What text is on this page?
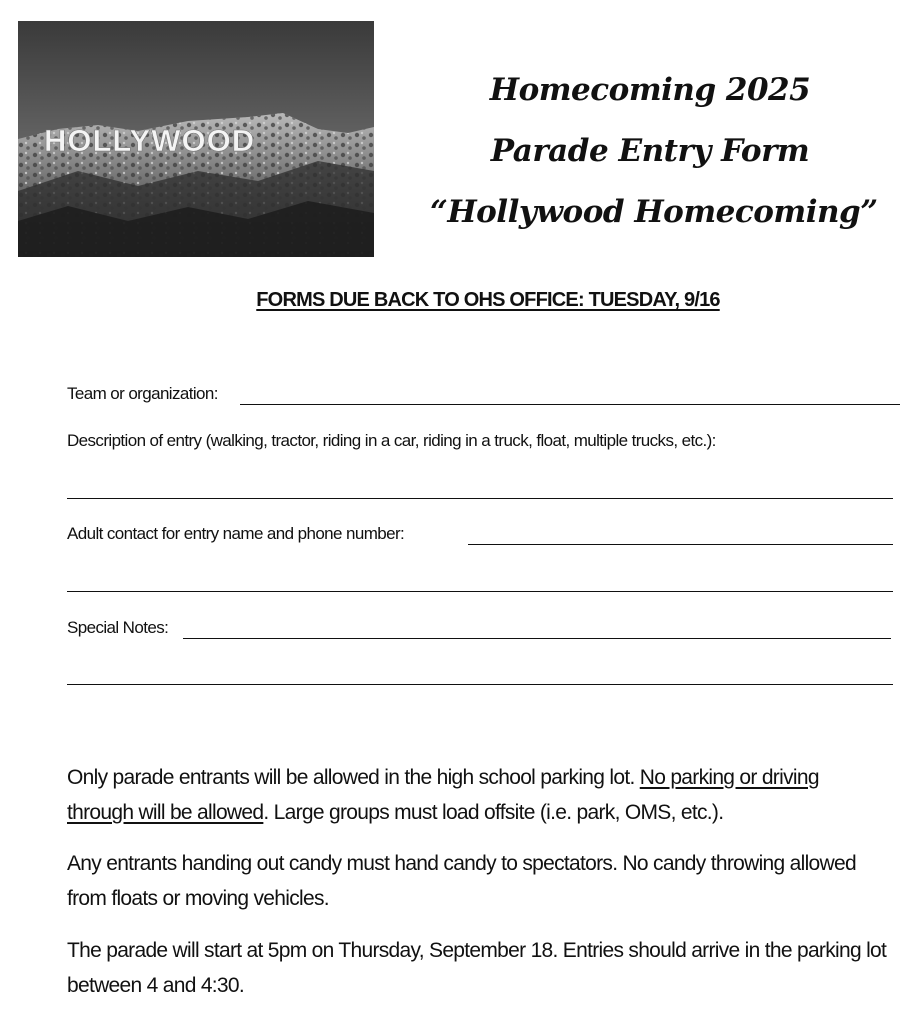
HOLLYWOOD
Homecoming 2025
Parade Entry Form
“Hollywood Homecoming”
FORMS DUE BACK TO OHS OFFICE: TUESDAY, 9/16
Team or organization:
Description of entry (walking, tractor, riding in a car, riding in a truck, float, multiple trucks, etc.):
Adult contact for entry name and phone number:
Special Notes:
Only parade entrants will be allowed in the high school parking lot. No parking or driving through will be allowed. Large groups must load offsite (i.e. park, OMS, etc.).
Any entrants handing out candy must hand candy to spectators. No candy throwing allowed from floats or moving vehicles.
The parade will start at 5pm on Thursday, September 18. Entries should arrive in the parking lot between 4 and 4:30.
